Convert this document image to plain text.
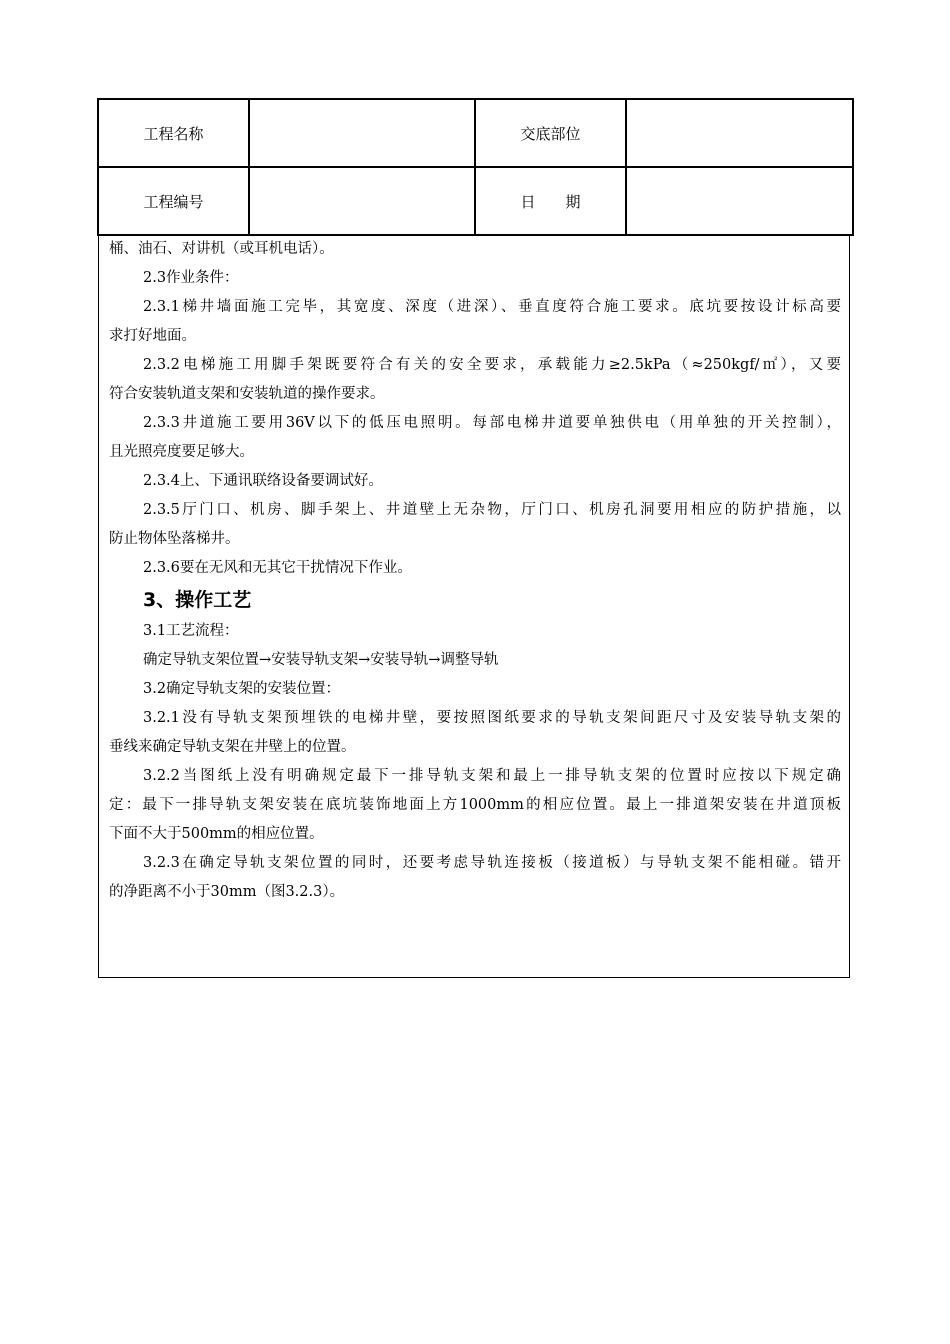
工程名称		交底部位	
工程编号		日　　期	
桶、油石、对讲机（或耳机电话）。
2.3作业条件：
2.3.1梯井墙面施工完毕，其宽度、深度（进深）、垂直度符合施工要求。底坑要按设计标高要
求打好地面。
2.3.2电梯施工用脚手架既要符合有关的安全要求，承载能力≥2.5kPa（≈250kgf/㎡），又要
符合安装轨道支架和安装轨道的操作要求。
2.3.3井道施工要用36V以下的低压电照明。每部电梯井道要单独供电（用单独的开关控制），
且光照亮度要足够大。
2.3.4上、下通讯联络设备要调试好。
2.3.5厅门口、机房、脚手架上、井道壁上无杂物，厅门口、机房孔洞要用相应的防护措施，以
防止物体坠落梯井。
2.3.6要在无风和无其它干扰情况下作业。
3、操作工艺
3.1工艺流程：
确定导轨支架位置→安装导轨支架→安装导轨→调整导轨
3.2确定导轨支架的安装位置：
3.2.1没有导轨支架预埋铁的电梯井壁，要按照图纸要求的导轨支架间距尺寸及安装导轨支架的
垂线来确定导轨支架在井壁上的位置。
3.2.2当图纸上没有明确规定最下一排导轨支架和最上一排导轨支架的位置时应按以下规定确
定：最下一排导轨支架安装在底坑装饰地面上方1000mm的相应位置。最上一排道架安装在井道顶板
下面不大于500mm的相应位置。
3.2.3在确定导轨支架位置的同时，还要考虑导轨连接板（接道板）与导轨支架不能相碰。错开
的净距离不小于30mm（图3.2.3）。
